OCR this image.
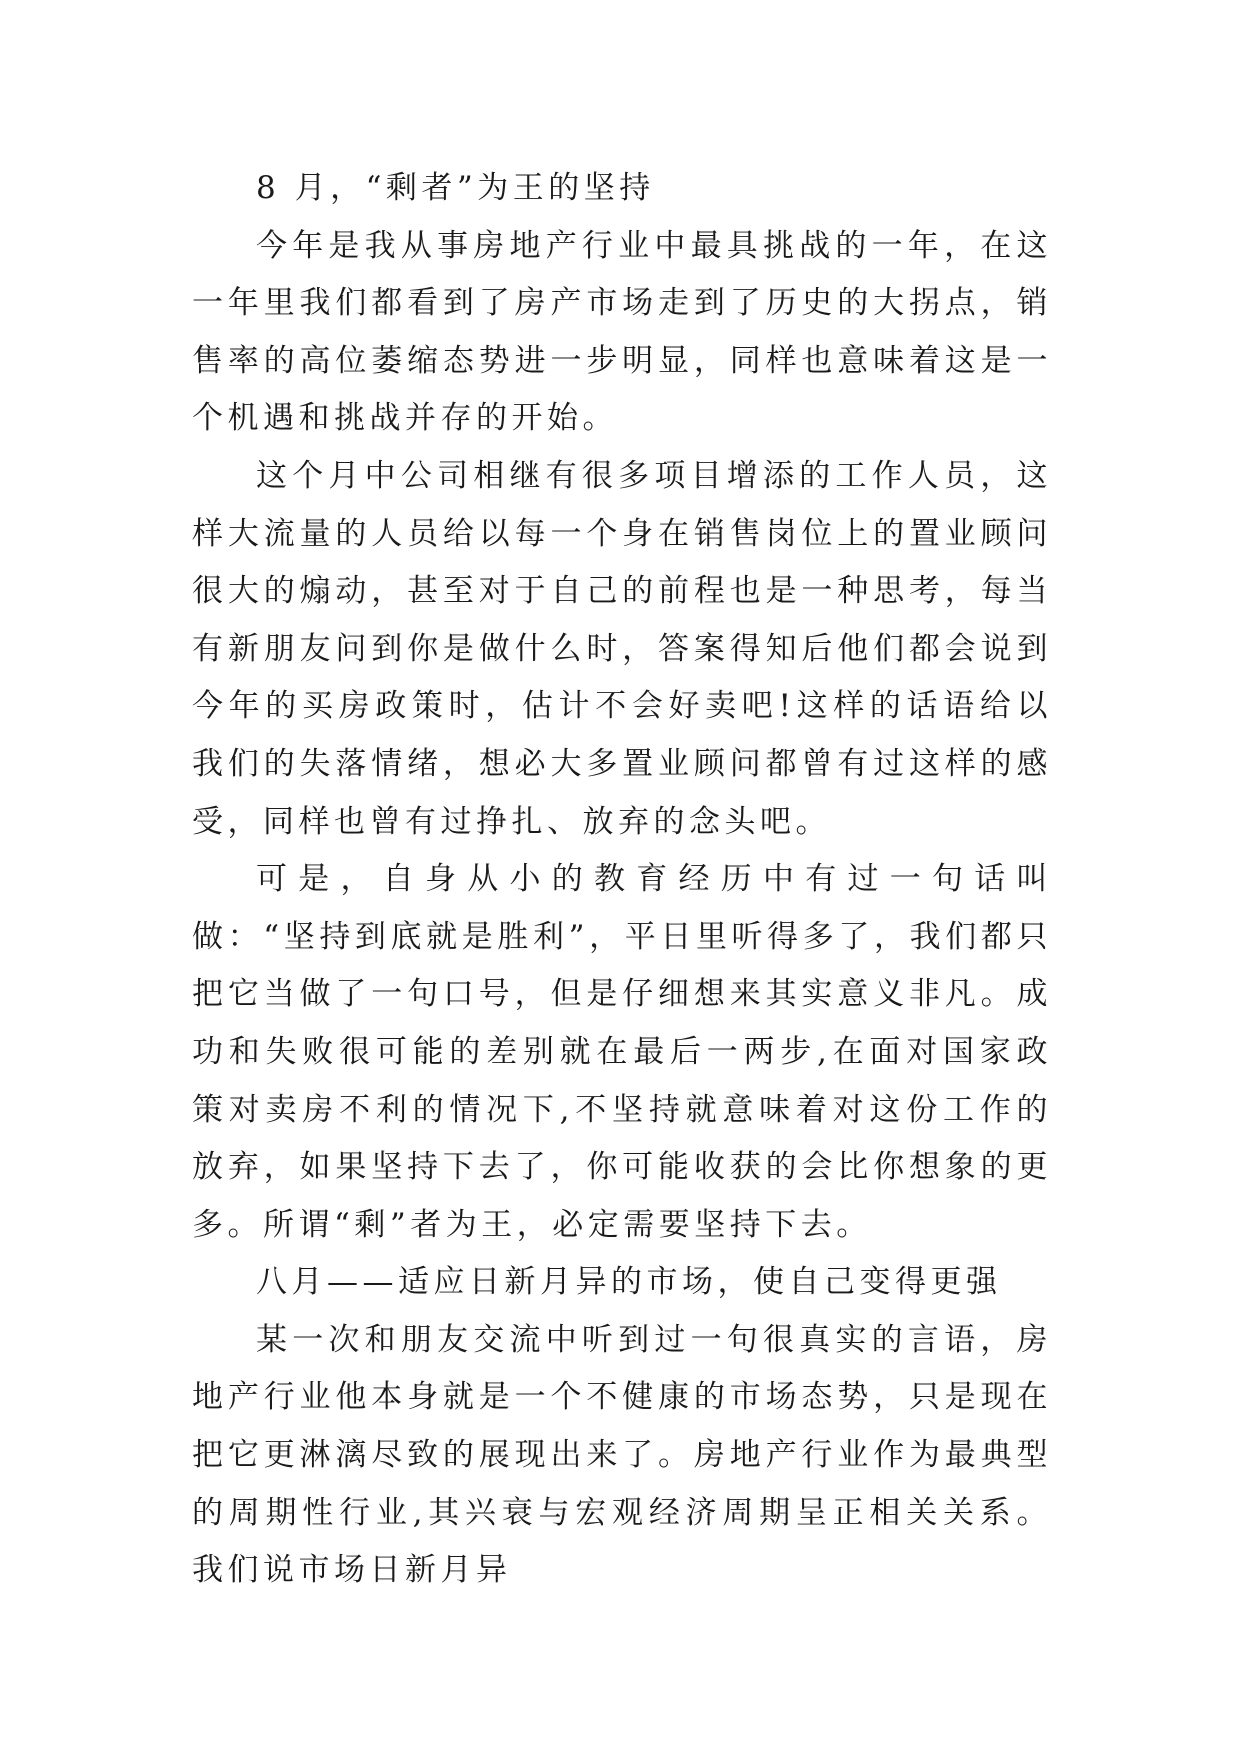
8 月，“剩者”为王的坚持

今年是我从事房地产行业中最具挑战的一年，在这一年里我们都看到了房产市场走到了历史的大拐点，销售率的高位萎缩态势进一步明显，同样也意味着这是一个机遇和挑战并存的开始。

这个月中公司相继有很多项目增添的工作人员，这样大流量的人员给以每一个身在销售岗位上的置业顾问很大的煽动，甚至对于自己的前程也是一种思考，每当有新朋友问到你是做什么时，答案得知后他们都会说到今年的买房政策时，估计不会好卖吧!这样的话语给以我们的失落情绪，想必大多置业顾问都曾有过这样的感受，同样也曾有过挣扎、放弃的念头吧。

可是，自身从小的教育经历中有过一句话叫做：“坚持到底就是胜利”，平日里听得多了，我们都只把它当做了一句口号，但是仔细想来其实意义非凡。成功和失败很可能的差别就在最后一两步,在面对国家政策对卖房不利的情况下,不坚持就意味着对这份工作的放弃，如果坚持下去了，你可能收获的会比你想象的更多。所谓“剩”者为王，必定需要坚持下去。

八月——适应日新月异的市场，使自己变得更强

某一次和朋友交流中听到过一句很真实的言语，房地产行业他本身就是一个不健康的市场态势，只是现在把它更淋漓尽致的展现出来了。房地产行业作为最典型的周期性行业,其兴衰与宏观经济周期呈正相关关系。我们说市场日新月异
